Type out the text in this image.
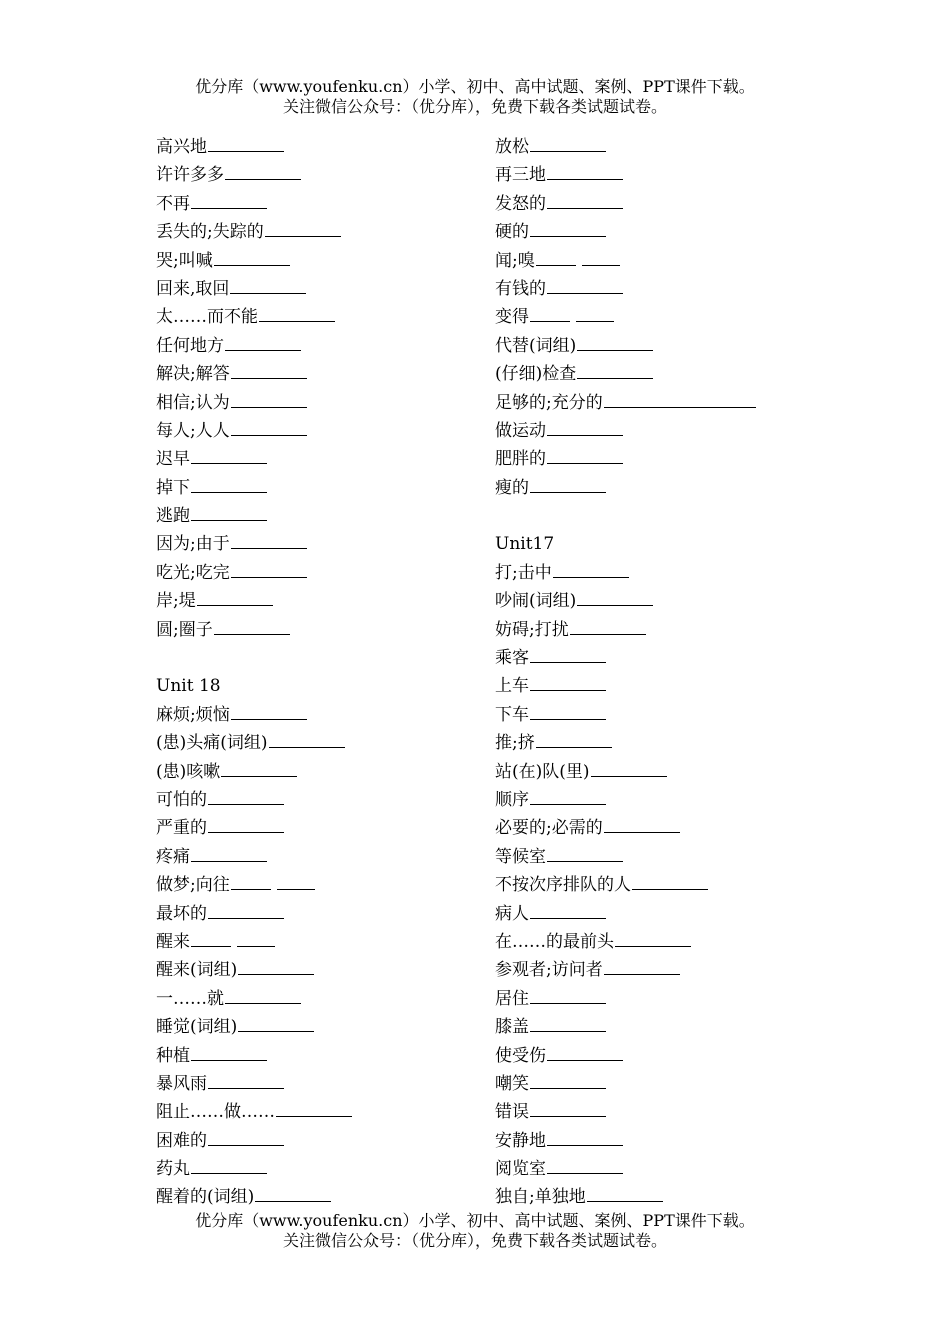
优分库（www.youfenku.cn）小学、初中、高中试题、案例、PPT课件下载。
关注微信公众号：（优分库），免费下载各类试题试卷。
高兴地
许许多多
不再
丢失的;失踪的
哭;叫喊
回来,取回
太……而不能
任何地方
解决;解答
相信;认为
每人;人人
迟早
掉下
逃跑
因为;由于
吃光;吃完
岸;堤
圆;圈子
Unit 18
麻烦;烦恼
(患)头痛(词组)
(患)咳嗽
可怕的
严重的
疼痛
做梦;向往
最坏的
醒来
醒来(词组)
一……就
睡觉(词组)
种植
暴风雨
阻止……做……
困难的
药丸
醒着的(词组)
放松
再三地
发怒的
硬的
闻;嗅
有钱的
变得
代替(词组)
(仔细)检查
足够的;充分的
做运动
肥胖的
瘦的
Unit17
打;击中
吵闹(词组)
妨碍;打扰
乘客
上车
下车
推;挤
站(在)队(里)
顺序
必要的;必需的
等候室
不按次序排队的人
病人
在……的最前头
参观者;访问者
居住
膝盖
使受伤
嘲笑
错误
安静地
阅览室
独自;单独地
优分库（www.youfenku.cn）小学、初中、高中试题、案例、PPT课件下载。
关注微信公众号：（优分库），免费下载各类试题试卷。
